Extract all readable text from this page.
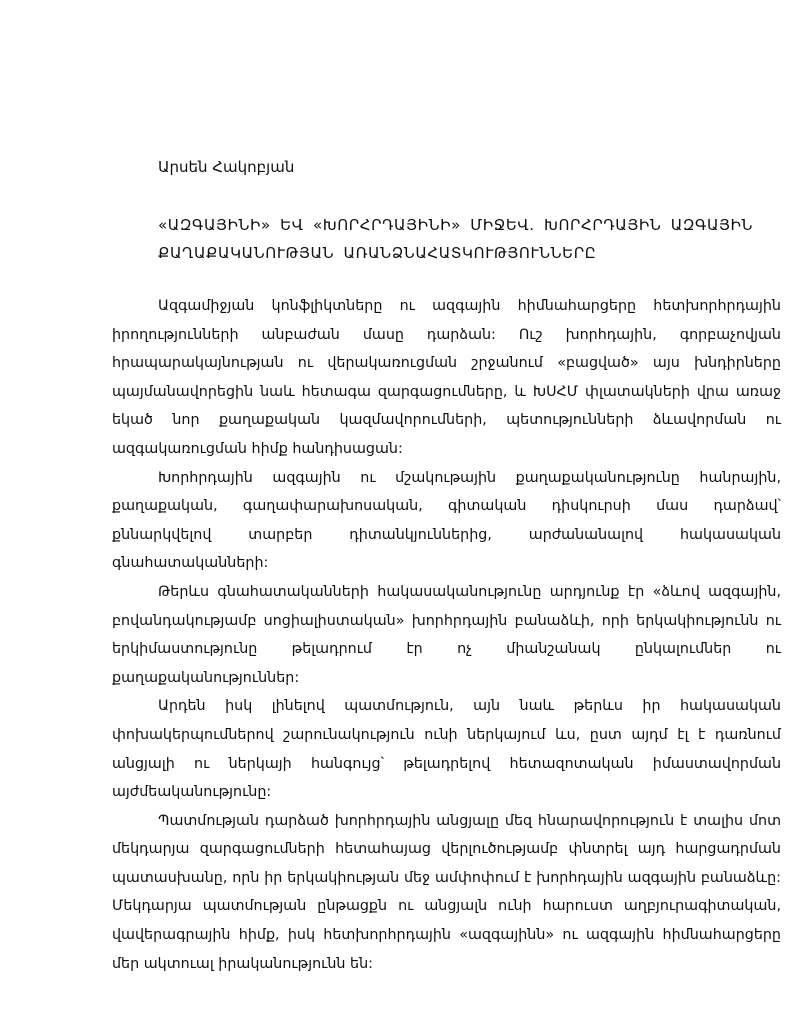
Արսեն Հակոբյան
«ԱԶԳԱՅԻՆԻ» ԵՎ «ԽՈՐՀՐԴԱՅԻՆԻ» ՄԻՋԵՎ. ԽՈՐՀՐԴԱՅԻՆ ԱԶԳԱՅԻՆ
ՔԱՂԱՔԱԿԱՆՈՒԹՅԱՆ ԱՌԱՆՁՆԱՀԱՏԿՈՒԹՅՈՒՆՆԵՐԸ

Ազգամիջյան կոնֆլիկտները ու ազգային հիմնահարցերը հետխորհրդային իրողությունների անբաժան մասը դարձան: Ուշ խորհդային, գորբաչովյան հրապարակայնության ու վերակառուցման շրջանում «բացված» այս խնդիրները պայմանավորեցին նաև հետագա զարգացումները, և ԽՍՀՄ փլատակների վրա առաջ եկած նոր քաղաքական կազմավորումների, պետությունների ձևավորման ու ազգակառուցման հիմք հանդիսացան:

Խորհրդային ազգային ու մշակութային քաղաքականությունը հանրային, քաղաքական, գաղափարախոսական, գիտական դիսկուրսի մաս դարձավ՝ քննարկվելով տարբեր դիտանկյուններից, արժանանալով հակասական գնահատականների:

Թերևս գնահատականների հակասականությունը արդյունք էր «ձևով ազգային, բովանդակությամբ սոցիալիստական» խորհրդային բանաձևի, որի երկակիությունն ու երկիմաստությունը թելադրում էր ոչ միանշանակ ընկալումներ ու քաղաքականություններ:

Արդեն իսկ լինելով պատմություն, այն նաև թերևս իր հակասական փոխակերպումներով շարունակություն ունի ներկայում ևս, ըստ այդմ էլ է դառնում անցյալի ու ներկայի հանգույց՝ թելադրելով հետազոտական իմաստավորման այժմեականությունը:

Պատմության դարձած խորհրդային անցյալը մեզ հնարավորություն է տալիս մոտ մեկդարյա զարգացումների հետահայաց վերլուծությամբ փնտրել այդ հարցադրման պատասխանը, որն իր երկակիության մեջ ամփոփում է խորհդային ազգային բանաձևը: Մեկդարյա պատմության ընթացքն ու անցյալն ունի հարուստ աղբյուրագիտական, վավերագրային հիմք, իսկ հետխորհրդային «ազգայինն» ու ազգային հիմնահարցերը մեր ակտուալ իրականությունն են:
